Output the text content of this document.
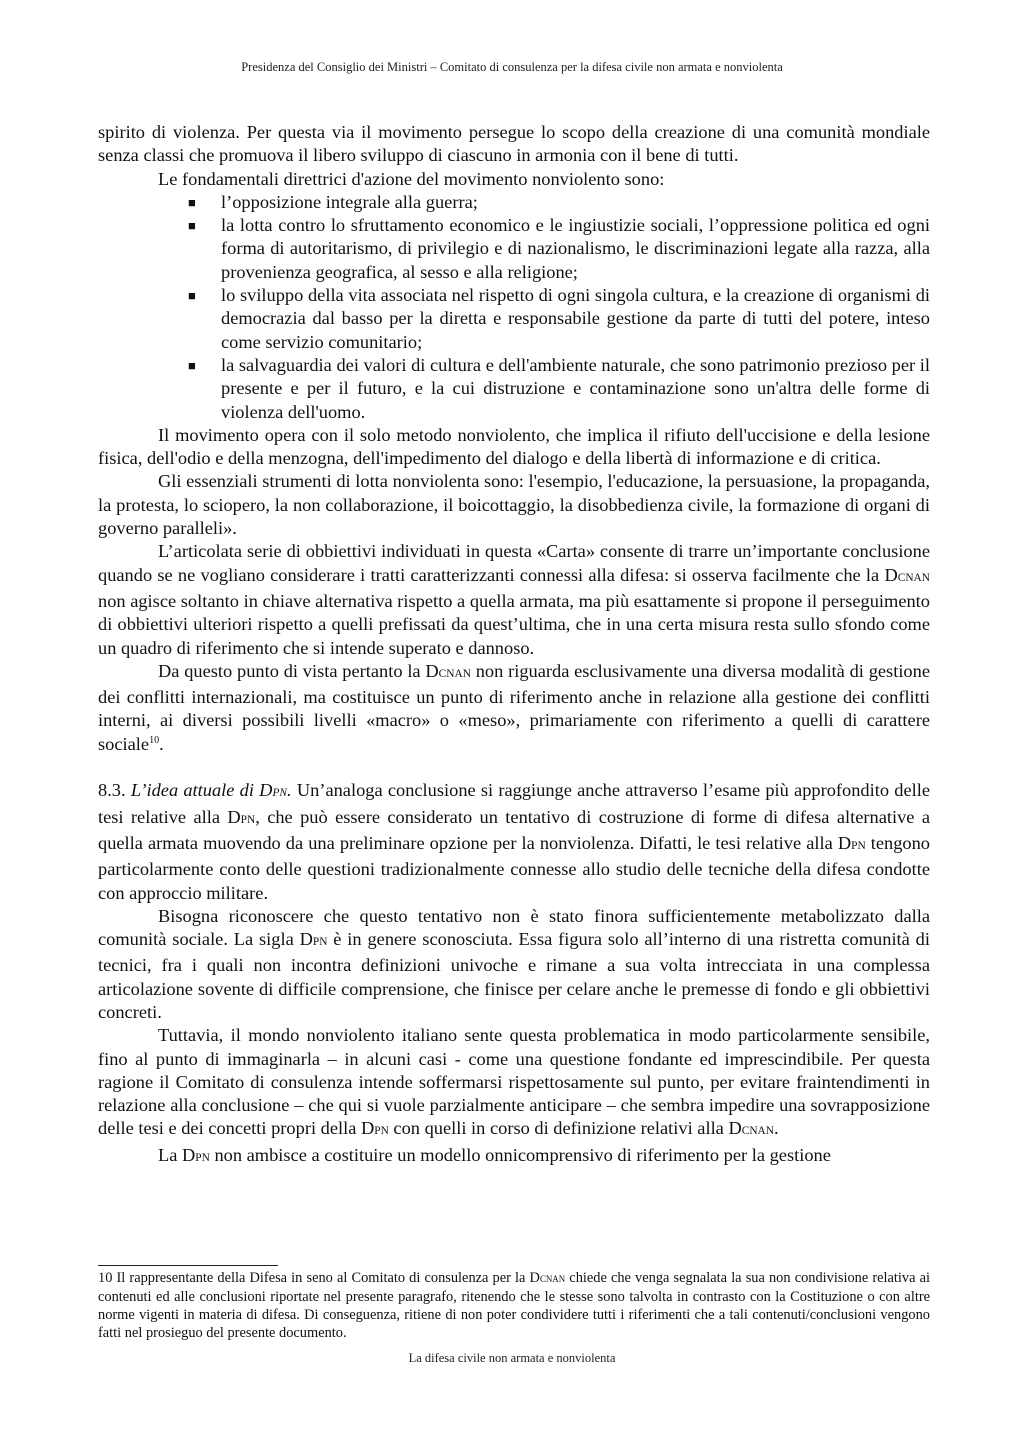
Presidenza del Consiglio dei Ministri – Comitato di consulenza per la difesa civile non armata e nonviolenta

spirito di violenza. Per questa via il movimento persegue lo scopo della creazione di una comunità mondiale senza classi che promuova il libero sviluppo di ciascuno in armonia con il bene di tutti.

Le fondamentali direttrici d'azione del movimento nonviolento sono:

■ l’opposizione integrale alla guerra;
■ la lotta contro lo sfruttamento economico e le ingiustizie sociali, l’oppressione politica ed ogni forma di autoritarismo, di privilegio e di nazionalismo, le discriminazioni legate alla razza, alla provenienza geografica, al sesso e alla religione;
■ lo sviluppo della vita associata nel rispetto di ogni singola cultura, e la creazione di organismi di democrazia dal basso per la diretta e responsabile gestione da parte di tutti del potere, inteso come servizio comunitario;
■ la salvaguardia dei valori di cultura e dell'ambiente naturale, che sono patrimonio prezioso per il presente e per il futuro, e la cui distruzione e contaminazione sono un'altra delle forme di violenza dell'uomo.

Il movimento opera con il solo metodo nonviolento, che implica il rifiuto dell'uccisione e della lesione fisica, dell'odio e della menzogna, dell'impedimento del dialogo e della libertà di informazione e di critica.

Gli essenziali strumenti di lotta nonviolenta sono: l'esempio, l'educazione, la persuasione, la propaganda, la protesta, lo sciopero, la non collaborazione, il boicottaggio, la disobbedienza civile, la formazione di organi di governo paralleli».

L’articolata serie di obbiettivi individuati in questa «Carta» consente di trarre un’importante conclusione quando se ne vogliano considerare i tratti caratterizzanti connessi alla difesa: si osserva facilmente che la DCNAN non agisce soltanto in chiave alternativa rispetto a quella armata, ma più esattamente si propone il perseguimento di obbiettivi ulteriori rispetto a quelli prefissati da quest’ultima, che in una certa misura resta sullo sfondo come un quadro di riferimento che si intende superato e dannoso.

Da questo punto di vista pertanto la DCNAN non riguarda esclusivamente una diversa modalità di gestione dei conflitti internazionali, ma costituisce un punto di riferimento anche in relazione alla gestione dei conflitti interni, ai diversi possibili livelli «macro» o «meso», primariamente con riferimento a quelli di carattere sociale$^{10}$.

8.3. L’idea attuale di DPN. Un’analoga conclusione si raggiunge anche attraverso l’esame più approfondito delle tesi relative alla DPN, che può essere considerato un tentativo di costruzione di forme di difesa alternative a quella armata muovendo da una preliminare opzione per la nonviolenza. Difatti, le tesi relative alla DPN tengono particolarmente conto delle questioni tradizionalmente connesse allo studio delle tecniche della difesa condotte con approccio militare.

Bisogna riconoscere che questo tentativo non è stato finora sufficientemente metabolizzato dalla comunità sociale. La sigla DPN è in genere sconosciuta. Essa figura solo all’interno di una ristretta comunità di tecnici, fra i quali non incontra definizioni univoche e rimane a sua volta intrecciata in una complessa articolazione sovente di difficile comprensione, che finisce per celare anche le premesse di fondo e gli obbiettivi concreti.

Tuttavia, il mondo nonviolento italiano sente questa problematica in modo particolarmente sensibile, fino al punto di immaginarla – in alcuni casi - come una questione fondante ed imprescindibile. Per questa ragione il Comitato di consulenza intende soffermarsi rispettosamente sul punto, per evitare fraintendimenti in relazione alla conclusione – che qui si vuole parzialmente anticipare – che sembra impedire una sovrapposizione delle tesi e dei concetti propri della DPN con quelli in corso di definizione relativi alla DCNAN.

La DPN non ambisce a costituire un modello onnicomprensivo di riferimento per la gestione

10 Il rappresentante della Difesa in seno al Comitato di consulenza per la DCNAN chiede che venga segnalata la sua non condivisione relativa ai contenuti ed alle conclusioni riportate nel presente paragrafo, ritenendo che le stesse sono talvolta in contrasto con la Costituzione o con altre norme vigenti in materia di difesa. Di conseguenza, ritiene di non poter condividere tutti i riferimenti che a tali contenuti/conclusioni vengono fatti nel prosieguo del presente documento.
La difesa civile non armata e nonviolenta
